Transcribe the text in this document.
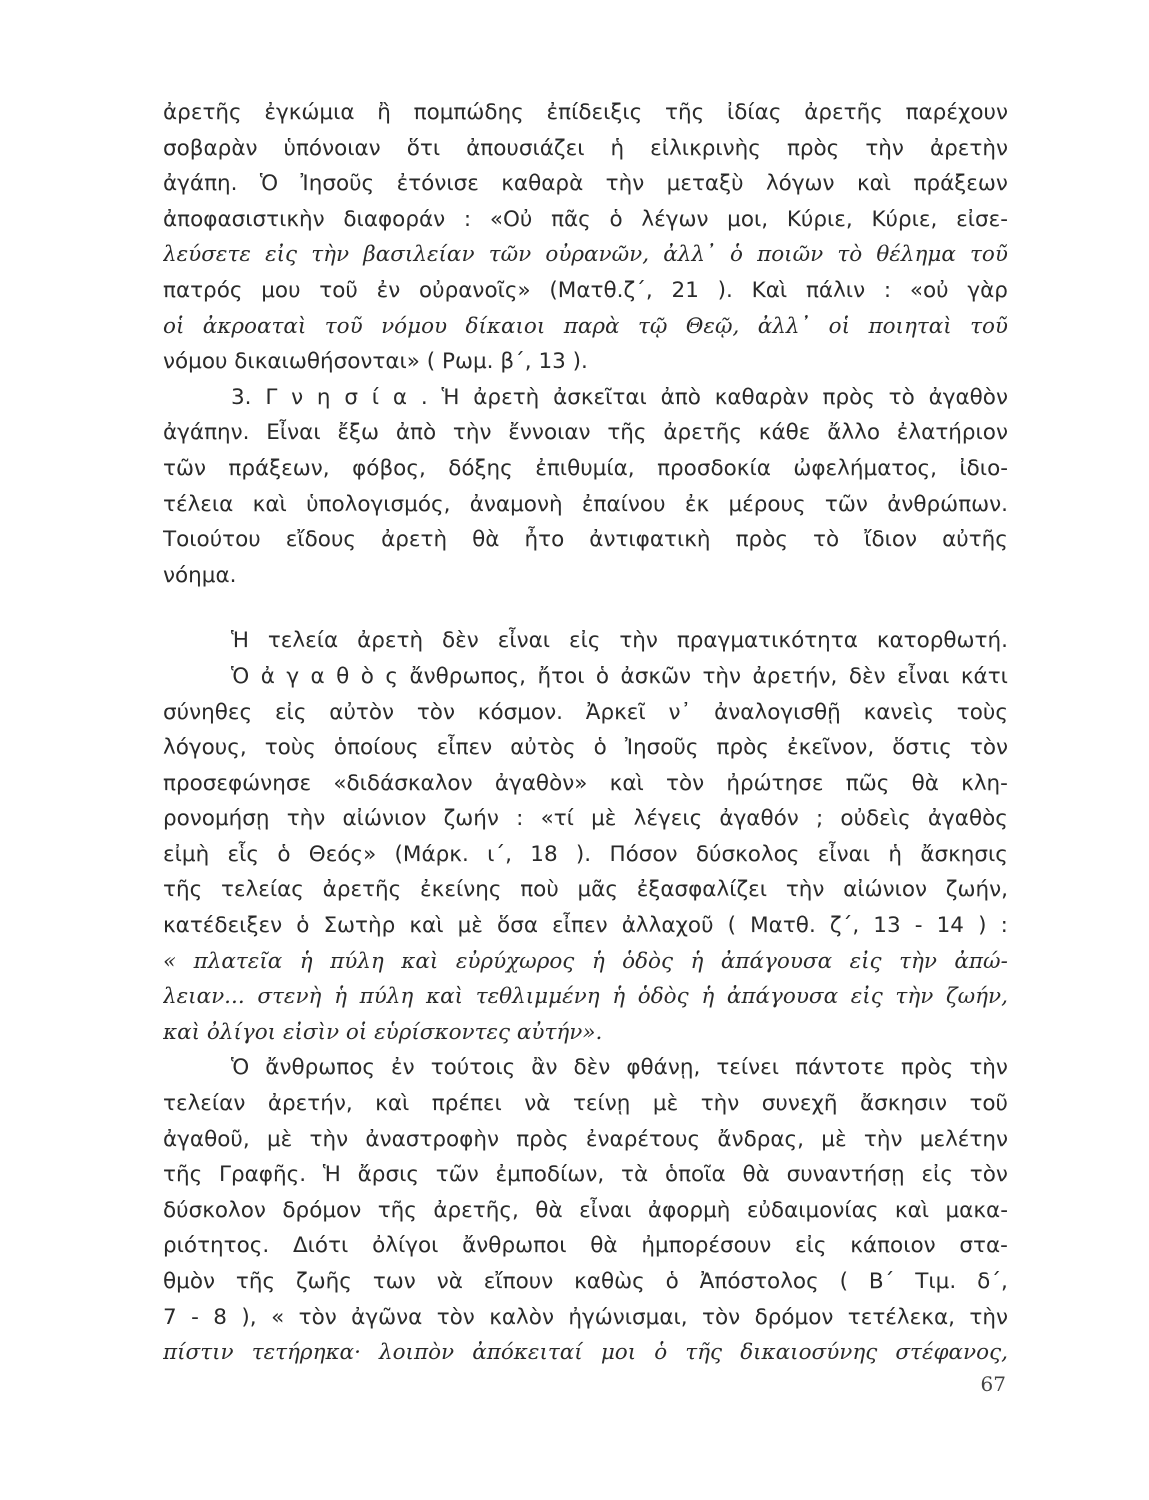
ἀρετῆς ἐγκώμια ἢ πομπώδης ἐπίδειξις τῆς ἰδίας ἀρετῆς παρέχουν
σοβαρὰν ὑπόνοιαν ὅτι ἀπουσιάζει ἡ εἰλικρινὴς πρὸς τὴν ἀρετὴν
ἀγάπη. Ὁ Ἰησοῦς ἐτόνισε καθαρὰ τὴν μεταξὺ λόγων καὶ πράξεων
ἀποφασιστικὴν διαφοράν : «Οὐ πᾶς ὁ λέγων μοι, Κύριε, Κύριε, εἰσε-
λεύσετε εἰς τὴν βασιλείαν τῶν οὐρανῶν, ἀλλ᾿ ὁ ποιῶν τὸ θέλημα τοῦ
πατρός μου τοῦ ἐν οὐρανοῖς» (Ματθ.ζ΄, 21 ). Καὶ πάλιν : «οὐ γὰρ
οἱ ἀκροαταὶ τοῦ νόμου δίκαιοι παρὰ τῷ Θεῷ, ἀλλ᾿ οἱ ποιηταὶ τοῦ
νόμου δικαιωθήσονται» ( Ρωμ. β΄, 13 ).
3. Γ ν η σ ί α . Ἡ ἀρετὴ ἀσκεῖται ἀπὸ καθαρὰν πρὸς τὸ ἀγαθὸν
ἀγάπην. Εἶναι ἔξω ἀπὸ τὴν ἔννοιαν τῆς ἀρετῆς κάθε ἄλλο ἐλατήριον
τῶν πράξεων, φόβος, δόξης ἐπιθυμία, προσδοκία ὠφελήματος, ἰδιο-
τέλεια καὶ ὑπολογισμός, ἀναμονὴ ἐπαίνου ἐκ μέρους τῶν ἀνθρώπων.
Τοιούτου εἴδους ἀρετὴ θὰ ἦτο ἀντιφατικὴ πρὸς τὸ ἴδιον αὐτῆς
νόημα.
Ἡ τελεία ἀρετὴ δὲν εἶναι εἰς τὴν πραγματικότητα κατορθωτή.
Ὁ ἀ γ α θ ὸ ς ἄνθρωπος, ἤτοι ὁ ἀσκῶν τὴν ἀρετήν, δὲν εἶναι κάτι
σύνηθες εἰς αὐτὸν τὸν κόσμον. Ἀρκεῖ ν᾿ ἀναλογισθῇ κανεὶς τοὺς
λόγους, τοὺς ὁποίους εἶπεν αὐτὸς ὁ Ἰησοῦς πρὸς ἐκεῖνον, ὅστις τὸν
προσεφώνησε «διδάσκαλον ἀγαθὸν» καὶ τὸν ἠρώτησε πῶς θὰ κλη-
ρονομήσῃ τὴν αἰώνιον ζωήν : «τί μὲ λέγεις ἀγαθόν ; οὐδεὶς ἀγαθὸς
εἰμὴ εἷς ὁ Θεός» (Μάρκ. ι΄, 18 ). Πόσον δύσκολος εἶναι ἡ ἄσκησις
τῆς τελείας ἀρετῆς ἐκείνης ποὺ μᾶς ἐξασφαλίζει τὴν αἰώνιον ζωήν,
κατέδειξεν ὁ Σωτὴρ καὶ μὲ ὅσα εἶπεν ἀλλαχοῦ ( Ματθ. ζ΄, 13 - 14 ) :
« πλατεῖα ἡ πύλη καὶ εὐρύχωρος ἡ ὁδὸς ἡ ἀπάγουσα εἰς τὴν ἀπώ-
λειαν... στενὴ ἡ πύλη καὶ τεθλιμμένη ἡ ὁδὸς ἡ ἀπάγουσα εἰς τὴν ζωήν,
καὶ ὀλίγοι εἰσὶν οἱ εὑρίσκοντες αὐτήν».
Ὁ ἄνθρωπος ἐν τούτοις ἂν δὲν φθάνῃ, τείνει πάντοτε πρὸς τὴν
τελείαν ἀρετήν, καὶ πρέπει νὰ τείνῃ μὲ τὴν συνεχῆ ἄσκησιν τοῦ
ἀγαθοῦ, μὲ τὴν ἀναστροφὴν πρὸς ἐναρέτους ἄνδρας, μὲ τὴν μελέτην
τῆς Γραφῆς. Ἡ ἄρσις τῶν ἐμποδίων, τὰ ὁποῖα θὰ συναντήσῃ εἰς τὸν
δύσκολον δρόμον τῆς ἀρετῆς, θὰ εἶναι ἀφορμὴ εὐδαιμονίας καὶ μακα-
ριότητος. Διότι ὀλίγοι ἄνθρωποι θὰ ἠμπορέσουν εἰς κάποιον στα-
θμὸν τῆς ζωῆς των νὰ εἴπουν καθὼς ὁ Ἀπόστολος ( Β΄ Τιμ. δ΄,
7 - 8 ), « τὸν ἀγῶνα τὸν καλὸν ἠγώνισμαι, τὸν δρόμον τετέλεκα, τὴν
πίστιν τετήρηκα· λοιπὸν ἀπόκειταί μοι ὁ τῆς δικαιοσύνης στέφανος,
67
